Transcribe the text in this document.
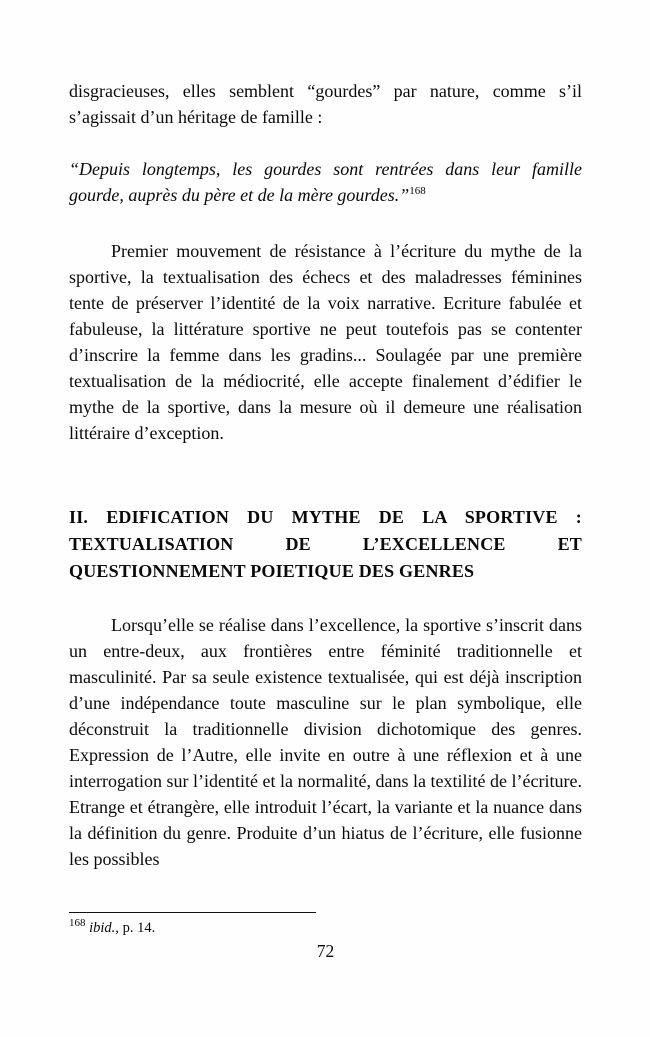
disgracieuses, elles semblent “gourdes” par nature, comme s’il s’agissait d’un héritage de famille :

“Depuis longtemps, les gourdes sont rentrées dans leur famille gourde, auprès du père et de la mère gourdes.”$^{168}$

Premier mouvement de résistance à l’écriture du mythe de la sportive, la textualisation des échecs et des maladresses féminines tente de préserver l’identité de la voix narrative. Ecriture fabulée et fabuleuse, la littérature sportive ne peut toutefois pas se contenter d’inscrire la femme dans les gradins... Soulagée par une première textualisation de la médiocrité, elle accepte finalement d’édifier le mythe de la sportive, dans la mesure où il demeure une réalisation littéraire d’exception.

II. EDIFICATION DU MYTHE DE LA SPORTIVE : TEXTUALISATION DE L’EXCELLENCE ET QUESTIONNEMENT POIETIQUE DES GENRES

Lorsqu’elle se réalise dans l’excellence, la sportive s’inscrit dans un entre-deux, aux frontières entre féminité traditionnelle et masculinité. Par sa seule existence textualisée, qui est déjà inscription d’une indépendance toute masculine sur le plan symbolique, elle déconstruit la traditionnelle division dichotomique des genres. Expression de l’Autre, elle invite en outre à une réflexion et à une interrogation sur l’identité et la normalité, dans la textilité de l’écriture. Etrange et étrangère, elle introduit l’écart, la variante et la nuance dans la définition du genre. Produite d’un hiatus de l’écriture, elle fusionne les possibles

$^{168}$ ibid., p. 14.
72
